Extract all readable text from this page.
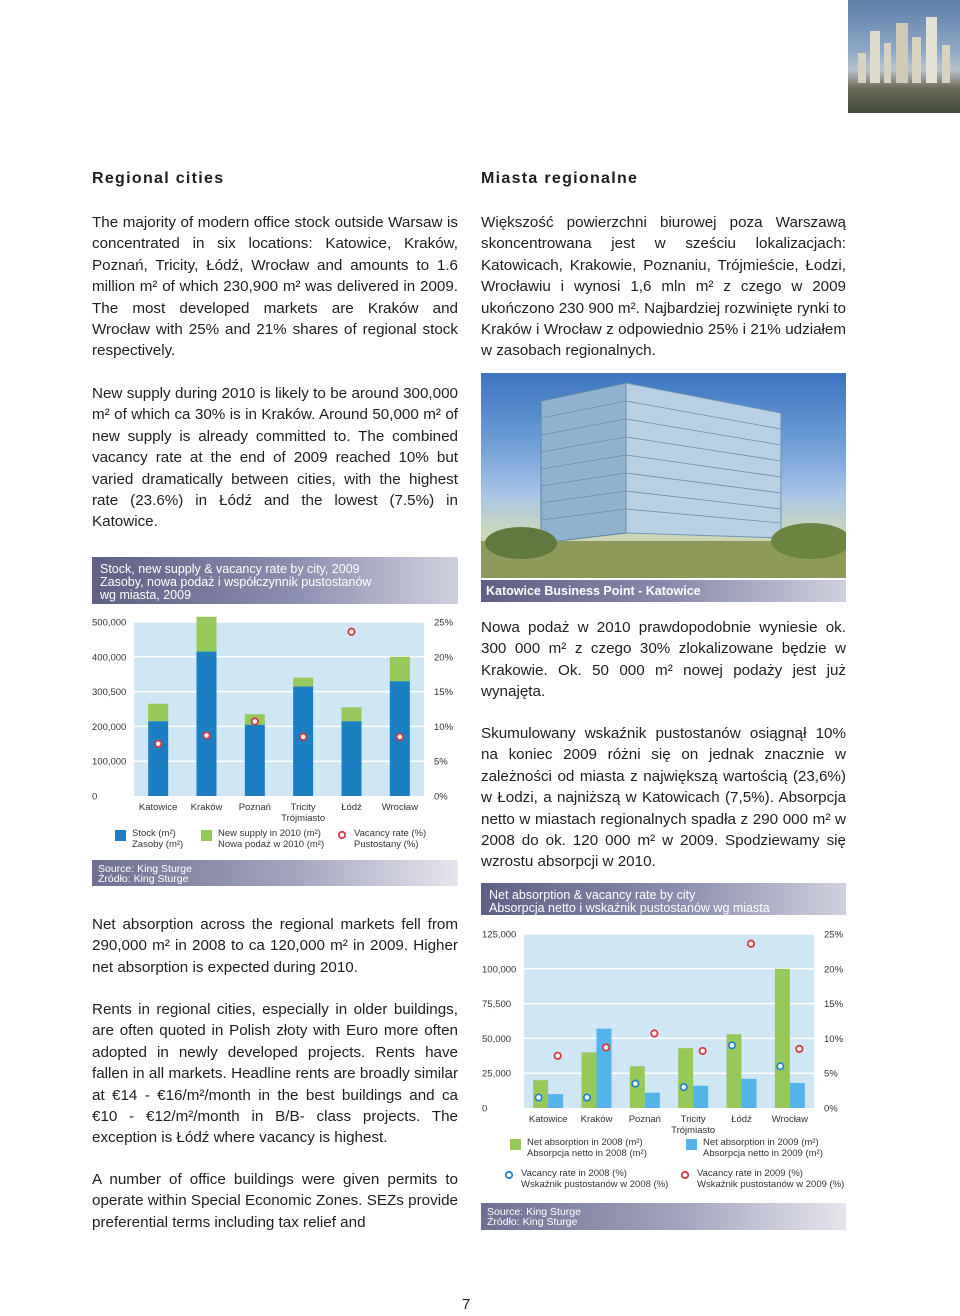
Regional cities	Miasta regionalne

The majority of modern office stock outside Warsaw is concentrated in six locations: Katowice, Kraków, Poznań, Tricity, Łódź, Wrocław and amounts to 1.6 million m² of which 230,900 m² was delivered in 2009. The most developed markets are Kraków and Wrocław with 25% and 21% shares of regional stock respectively.

Większość powierzchni biurowej poza Warszawą skoncentrowana jest w sześciu lokalizacjach: Katowicach, Krakowie, Poznaniu, Trójmieście, Łodzi, Wrocławiu i wynosi 1,6 mln m² z czego w 2009 ukończono 230 900 m². Najbardziej rozwinięte rynki to Kraków i Wrocław z odpowiednio 25% i 21% udziałem w zasobach regionalnych.

New supply during 2010 is likely to be around 300,000 m² of which ca 30% is in Kraków. Around 50,000 m² of new supply is already committed to. The combined vacancy rate at the end of 2009 reached 10% but varied dramatically between cities, with the highest rate (23.6%) in Łódź and the lowest (7.5%) in Katowice.

Katowice Business Point - Katowice

Nowa podaż w 2010 prawdopodobnie wyniesie ok. 300 000 m² z czego 30% zlokalizowane będzie w Krakowie. Ok. 50 000 m² nowej podaży jest już wynajęta.

Skumulowany wskaźnik pustostanów osiągnął 10% na koniec 2009 różni się on jednak znacznie w zależności od miasta z największą wartością (23,6%) w Łodzi, a najniższą w Katowicach (7,5%). Absorpcja netto w miastach regionalnych spadła z 290 000 m² w 2008 do ok. 120 000 m² w 2009. Spodziewamy się wzrostu absorpcji w 2010.

Stock, new supply & vacancy rate by city, 2009
Zasoby, nowa podaż i współczynnik pustostanów
wg miasta, 2009
0	0%
100,000	5%
200,000	10%
300,500	15%
400,000	20%
500,000	25%
Katowice Kraków Poznań Tricity
Trójmiasto
Łódź Wrocław
Stock (m²)
Zasoby (m²)
New supply in 2010 (m²)
Nowa podaż w 2010 (m²)
Vacancy rate (%)
Pustostany (%)
Source: King Sturge
Źródło: King Sturge
Net absorption & vacancy rate by city
Absorpcja netto i wskaźnik pustostanów wg miasta
0	0%
25,000	5%
50,000	10%
75,500	15%
100,000	20%
125,000	25%
Katowice Kraków Poznań Tricity
Trójmiasto
Łódź Wrocław
Net absorption in 2008 (m²)
Absorpcja netto in 2008 (m²)
Net absorption in 2009 (m²)
Absorpcja netto in 2009 (m²)
Vacancy rate in 2008 (%)
Wskaźnik pustostanów w 2008 (%)
Vacancy rate in 2009 (%)
Wskaźnik pustostanów w 2009 (%)
Source: King Sturge
Źródło: King Sturge

Net absorption across the regional markets fell from 290,000 m² in 2008 to ca 120,000 m² in 2009. Higher net absorption is expected during 2010.

Rents in regional cities, especially in older buildings, are often quoted in Polish złoty with Euro more often adopted in newly developed projects. Rents have fallen in all markets. Headline rents are broadly similar at €14 - €16/m²/month in the best buildings and ca €10 - €12/m²/month in B/B- class projects. The exception is Łódź where vacancy is highest.

A number of office buildings were given permits to operate within Special Economic Zones. SEZs provide preferential terms including tax relief and

7
